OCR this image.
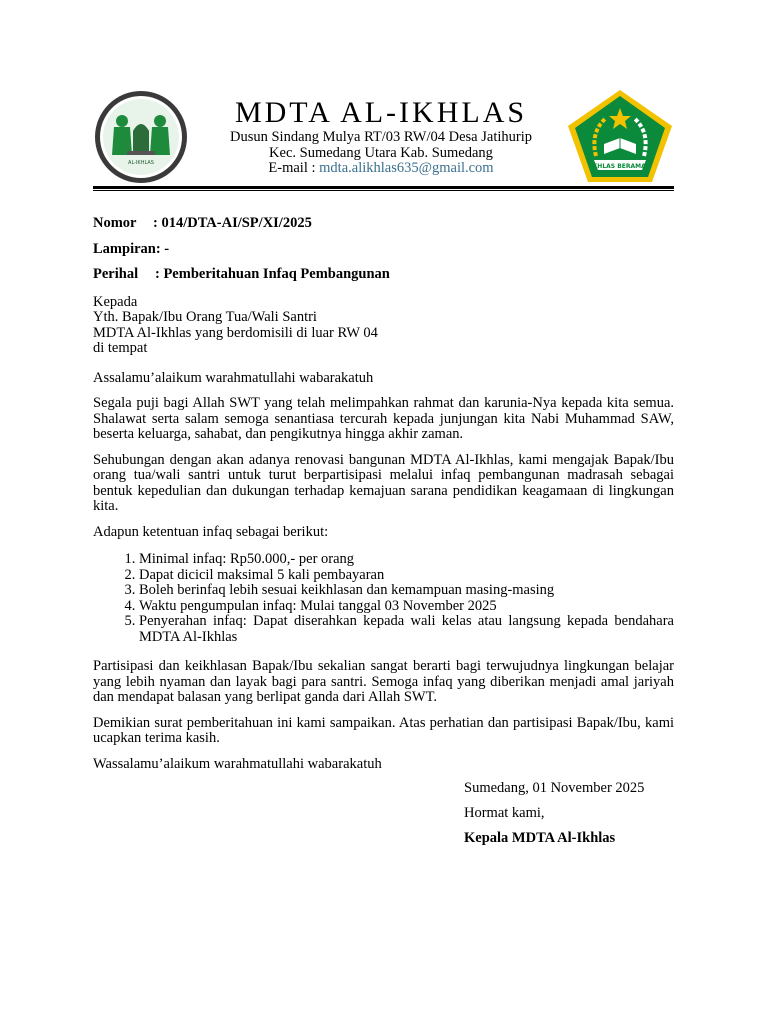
AL-IKHLAS
MDTA AL-IKHLAS
Dusun Sindang Mulya RT/03 RW/04 Desa Jatihurip
Kec. Sumedang Utara Kab. Sumedang
E-mail : mdta.alikhlas635@gmail.com	IKHLAS BERAMAL
Nomor : 014/DTA-AI/SP/XI/2025
Lampiran: -
Perihal : Pemberitahuan Infaq Pembangunan
Kepada
Yth. Bapak/Ibu Orang Tua/Wali Santri
MDTA Al-Ikhlas yang berdomisili di luar RW 04
di tempat

Assalamu’alaikum warahmatullahi wabarakatuh

Segala puji bagi Allah SWT yang telah melimpahkan rahmat dan karunia-Nya kepada kita semua. Shalawat serta salam semoga senantiasa tercurah kepada junjungan kita Nabi Muhammad SAW, beserta keluarga, sahabat, dan pengikutnya hingga akhir zaman.

Sehubungan dengan akan adanya renovasi bangunan MDTA Al-Ikhlas, kami mengajak Bapak/Ibu orang tua/wali santri untuk turut berpartisipasi melalui infaq pembangunan madrasah sebagai bentuk kepedulian dan dukungan terhadap kemajuan sarana pendidikan keagamaan di lingkungan kita.

Adapun ketentuan infaq sebagai berikut:

1. Minimal infaq: Rp50.000,- per orang
2. Dapat dicicil maksimal 5 kali pembayaran
3. Boleh berinfaq lebih sesuai keikhlasan dan kemampuan masing-masing
4. Waktu pengumpulan infaq: Mulai tanggal 03 November 2025
5. Penyerahan infaq: Dapat diserahkan kepada wali kelas atau langsung kepada bendahara MDTA Al-Ikhlas

Partisipasi dan keikhlasan Bapak/Ibu sekalian sangat berarti bagi terwujudnya lingkungan belajar yang lebih nyaman dan layak bagi para santri. Semoga infaq yang diberikan menjadi amal jariyah dan mendapat balasan yang berlipat ganda dari Allah SWT.

Demikian surat pemberitahuan ini kami sampaikan. Atas perhatian dan partisipasi Bapak/Ibu, kami ucapkan terima kasih.

Wassalamu’alaikum warahmatullahi wabarakatuh

Sumedang, 01 November 2025
Hormat kami,
Kepala MDTA Al-Ikhlas
